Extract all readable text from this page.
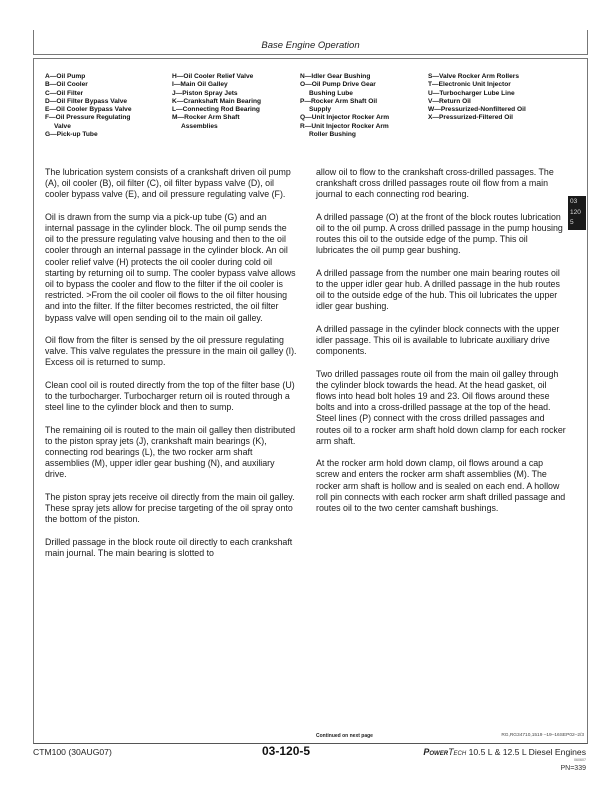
Base Engine Operation
A—Oil Pump
B—Oil Cooler
C—Oil Filter
D—Oil Filter Bypass Valve
E—Oil Cooler Bypass Valve
F—Oil Pressure Regulating
Valve
G—Pick-up Tube
H—Oil Cooler Relief Valve
I—Main Oil Galley
J—Piston Spray Jets
K—Crankshaft Main Bearing
L—Connecting Rod Bearing
M—Rocker Arm Shaft
Assemblies
N—Idler Gear Bushing
O—Oil Pump Drive Gear
Bushing Lube
P—Rocker Arm Shaft Oil
Supply
Q—Unit Injector Rocker Arm
R—Unit Injector Rocker Arm
Roller Bushing
S—Valve Rocker Arm Rollers
T—Electronic Unit Injector
U—Turbocharger Lube Line
V—Return Oil
W—Pressurized-Nonfiltered Oil
X—Pressurized-Filtered Oil

The lubrication system consists of a crankshaft driven oil pump (A), oil cooler (B), oil filter (C), oil filter bypass valve (D), oil cooler bypass valve (E), and oil pressure regulating valve (F).

Oil is drawn from the sump via a pick-up tube (G) and an internal passage in the cylinder block. The oil pump sends the oil to the pressure regulating valve housing and then to the oil cooler through an internal passage in the cylinder block. An oil cooler relief valve (H) protects the oil cooler during cold oil starting by returning oil to sump. The cooler bypass valve allows oil to bypass the cooler and flow to the filter if the oil cooler is restricted. >From the oil cooler oil flows to the oil filter housing and into the filter. If the filter becomes restricted, the oil filter bypass valve will open sending oil to the main oil galley.

Oil flow from the filter is sensed by the oil pressure regulating valve. This valve regulates the pressure in the main oil galley (I). Excess oil is returned to sump.

Clean cool oil is routed directly from the top of the filter base (U) to the turbocharger. Turbocharger return oil is routed through a steel line to the cylinder block and then to sump.

The remaining oil is routed to the main oil galley then distributed to the piston spray jets (J), crankshaft main bearings (K), connecting rod bearings (L), the two rocker arm shaft assemblies (M), upper idler gear bushing (N), and auxiliary drive.

The piston spray jets receive oil directly from the main oil galley. These spray jets allow for precise targeting of the oil spray onto the bottom of the piston.

Drilled passage in the block route oil directly to each crankshaft main journal. The main bearing is slotted to

allow oil to flow to the crankshaft cross-drilled passages. The crankshaft cross drilled passages route oil flow from a main journal to each connecting rod bearing.

A drilled passage (O) at the front of the block routes lubrication oil to the oil pump. A cross drilled passage in the pump housing routes this oil to the outside edge of the pump. This oil lubricates the oil pump gear bushing.

A drilled passage from the number one main bearing routes oil to the upper idler gear hub. A drilled passage in the hub routes oil to the outside edge of the hub. This oil lubricates the upper idler gear bushing.

A drilled passage in the cylinder block connects with the upper idler passage. This oil is available to lubricate auxiliary drive components.

Two drilled passages route oil from the main oil galley through the cylinder block towards the head. At the head gasket, oil flows into head bolt holes 19 and 23. Oil flows around these bolts and into a cross-drilled passage at the top of the head. Steel lines (P) connect with the cross drilled passages and routes oil to a rocker arm shaft hold down clamp for each rocker arm shaft.

At the rocker arm hold down clamp, oil flows around a cap screw and enters the rocker arm shaft assemblies (M). The rocker arm shaft is hollow and is sealed on each end. A hollow roll pin connects with each rocker arm shaft drilled passage and routes oil to the two center camshaft bushings.

03
120
5
Continued on next page	RG,RG34710,1519 –19–16SEP02–2/3
CTM100 (30AUG07)	03-120-5	PowerTech 10.5 L & 12.5 L Diesel Engines
060607
PN=339
